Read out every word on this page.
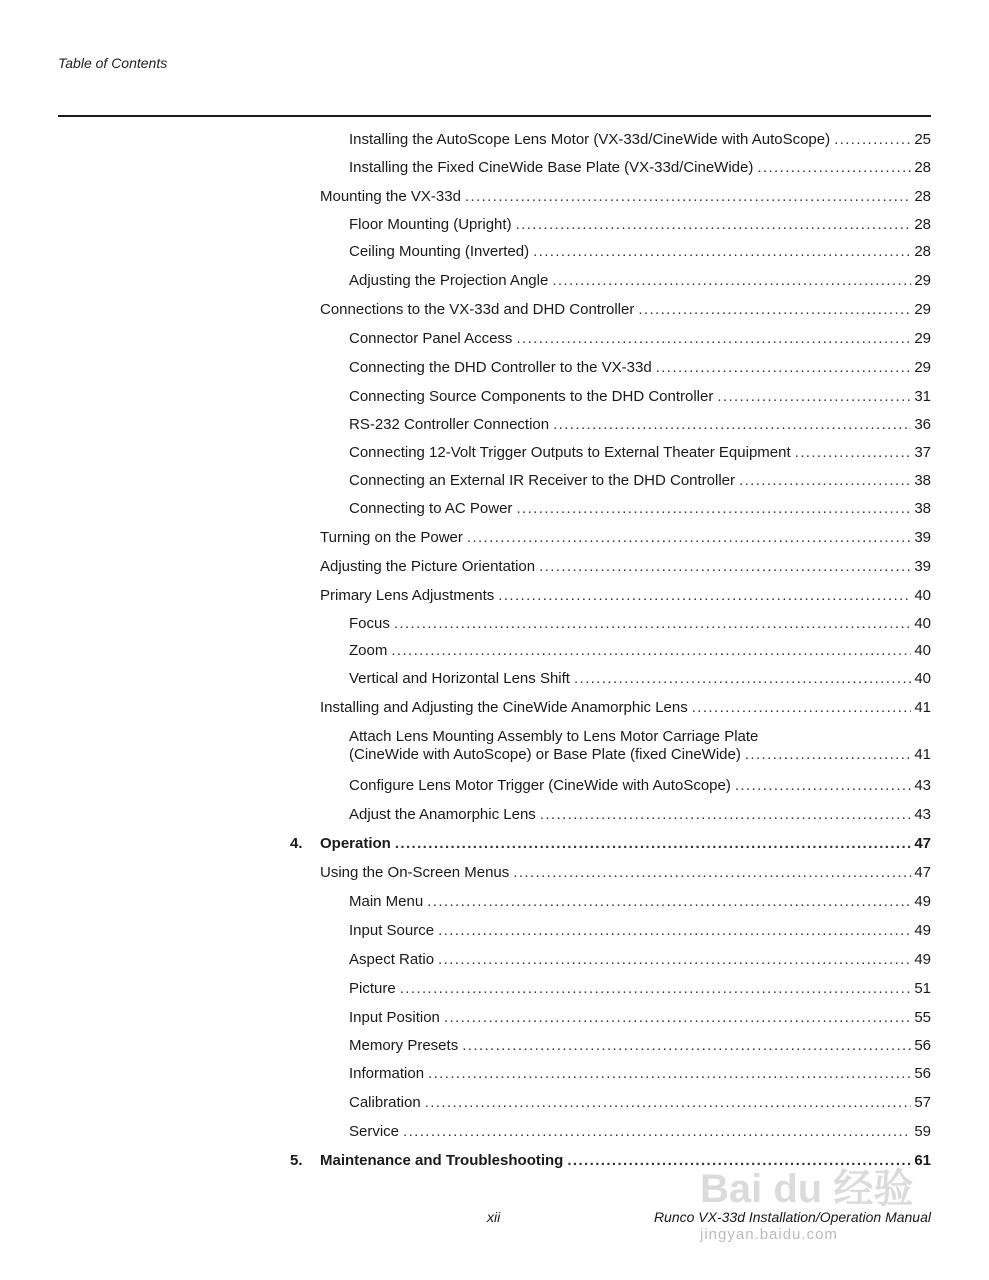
Table of Contents
Installing the AutoScope Lens Motor (VX-33d/CineWide with AutoScope) .....	25
Installing the Fixed CineWide Base Plate (VX-33d/CineWide) .....	28
Mounting the VX-33d .....	28
Floor Mounting (Upright) .....	28
Ceiling Mounting (Inverted) .....	28
Adjusting the Projection Angle .....	29
Connections to the VX-33d and DHD Controller .....	29
Connector Panel Access .....	29
Connecting the DHD Controller to the VX-33d .....	29
Connecting Source Components to the DHD Controller .....	31
RS-232 Controller Connection .....	36
Connecting 12-Volt Trigger Outputs to External Theater Equipment .....	37
Connecting an External IR Receiver to the DHD Controller .....	38
Connecting to AC Power .....	38
Turning on the Power .....	39
Adjusting the Picture Orientation .....	39
Primary Lens Adjustments .....	40
Focus .....	40
Zoom .....	40
Vertical and Horizontal Lens Shift .....	40
Installing and Adjusting the CineWide Anamorphic Lens .....	41
Attach Lens Mounting Assembly to Lens Motor Carriage Plate
(CineWide with AutoScope) or Base Plate (fixed CineWide) .....	41
Configure Lens Motor Trigger (CineWide with AutoScope) .....	43
Adjust the Anamorphic Lens .....	43
4.	Operation .....	47
Using the On-Screen Menus .....	47
Main Menu .....	49
Input Source .....	49
Aspect Ratio .....	49
Picture .....	51
Input Position .....	55
Memory Presets .....	56
Information .....	56
Calibration .....	57
Service .....	59
5.	Maintenance and Troubleshooting .....	61
xii	Runco VX-33d Installation/Operation Manual
Bai du 经验
jingyan.baidu.com
